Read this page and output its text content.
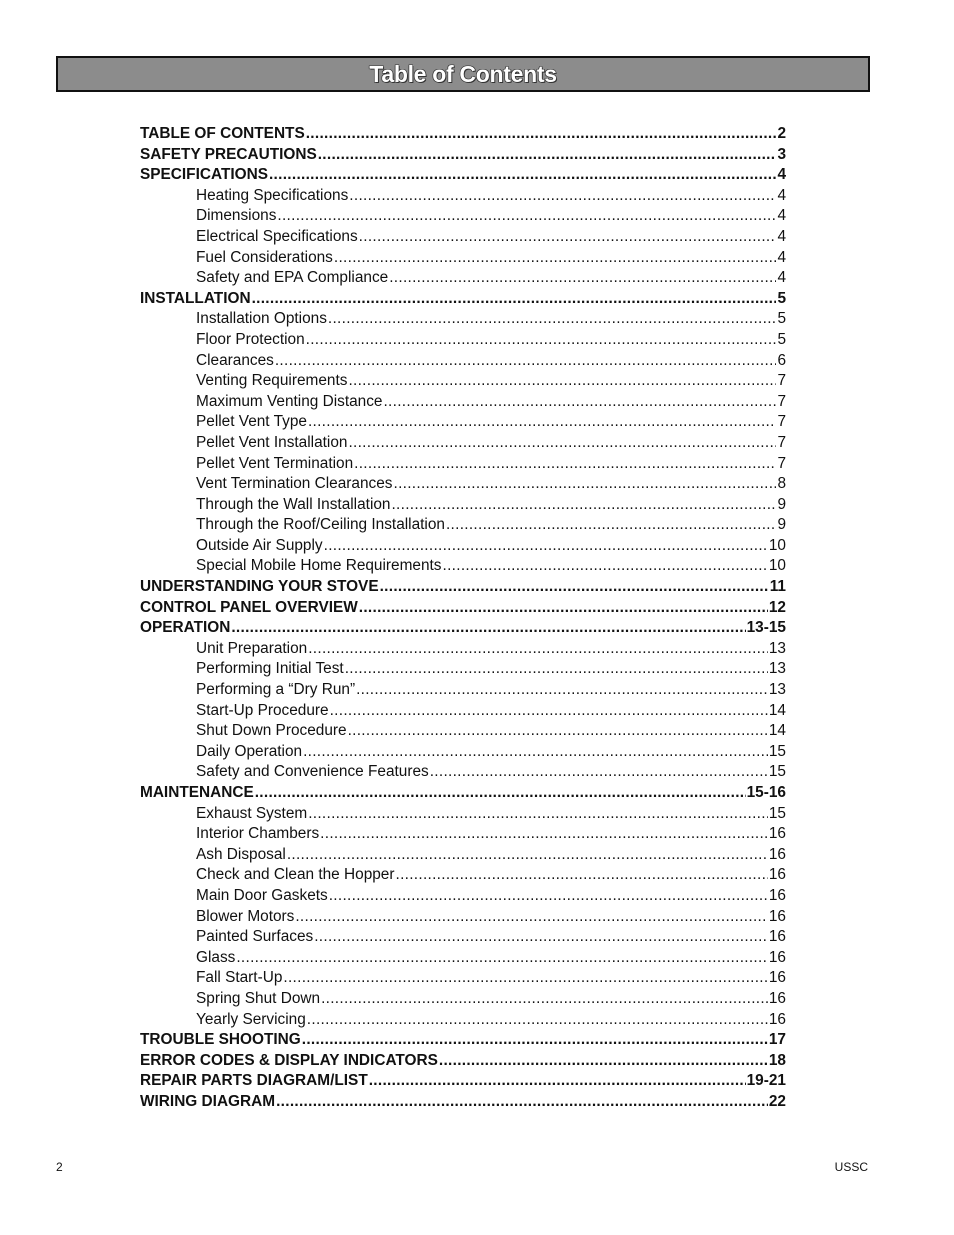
Table of Contents
TABLE OF CONTENTS .....	2
SAFETY PRECAUTIONS .....	3
SPECIFICATIONS .....	4
Heating Specifications .....	4
Dimensions .....	4
Electrical Specifications .....	4
Fuel Considerations .....	4
Safety and EPA Compliance .....	4
INSTALLATION .....	5
Installation Options .....	5
Floor Protection .....	5
Clearances .....	6
Venting Requirements .....	7
Maximum Venting Distance .....	7
Pellet Vent Type .....	7
Pellet Vent Installation .....	7
Pellet Vent Termination .....	7
Vent Termination Clearances .....	8
Through the Wall Installation .....	9
Through the Roof/Ceiling Installation .....	9
Outside Air Supply .....	10
Special Mobile Home Requirements .....	10
UNDERSTANDING YOUR STOVE .....	11
CONTROL PANEL OVERVIEW .....	12
OPERATION .....	13-15
Unit Preparation .....	13
Performing Initial Test .....	13
Performing a “Dry Run” .....	13
Start-Up Procedure .....	14
Shut Down Procedure .....	14
Daily Operation .....	15
Safety and Convenience Features .....	15
MAINTENANCE .....	15-16
Exhaust System .....	15
Interior Chambers .....	16
Ash Disposal .....	16
Check and Clean the Hopper .....	16
Main Door Gaskets .....	16
Blower Motors .....	16
Painted Surfaces .....	16
Glass .....	16
Fall Start-Up .....	16
Spring Shut Down .....	16
Yearly Servicing .....	16
TROUBLE SHOOTING .....	17
ERROR CODES & DISPLAY INDICATORS .....	18
REPAIR PARTS DIAGRAM/LIST .....	19-21
WIRING DIAGRAM .....	22
2	USSC
